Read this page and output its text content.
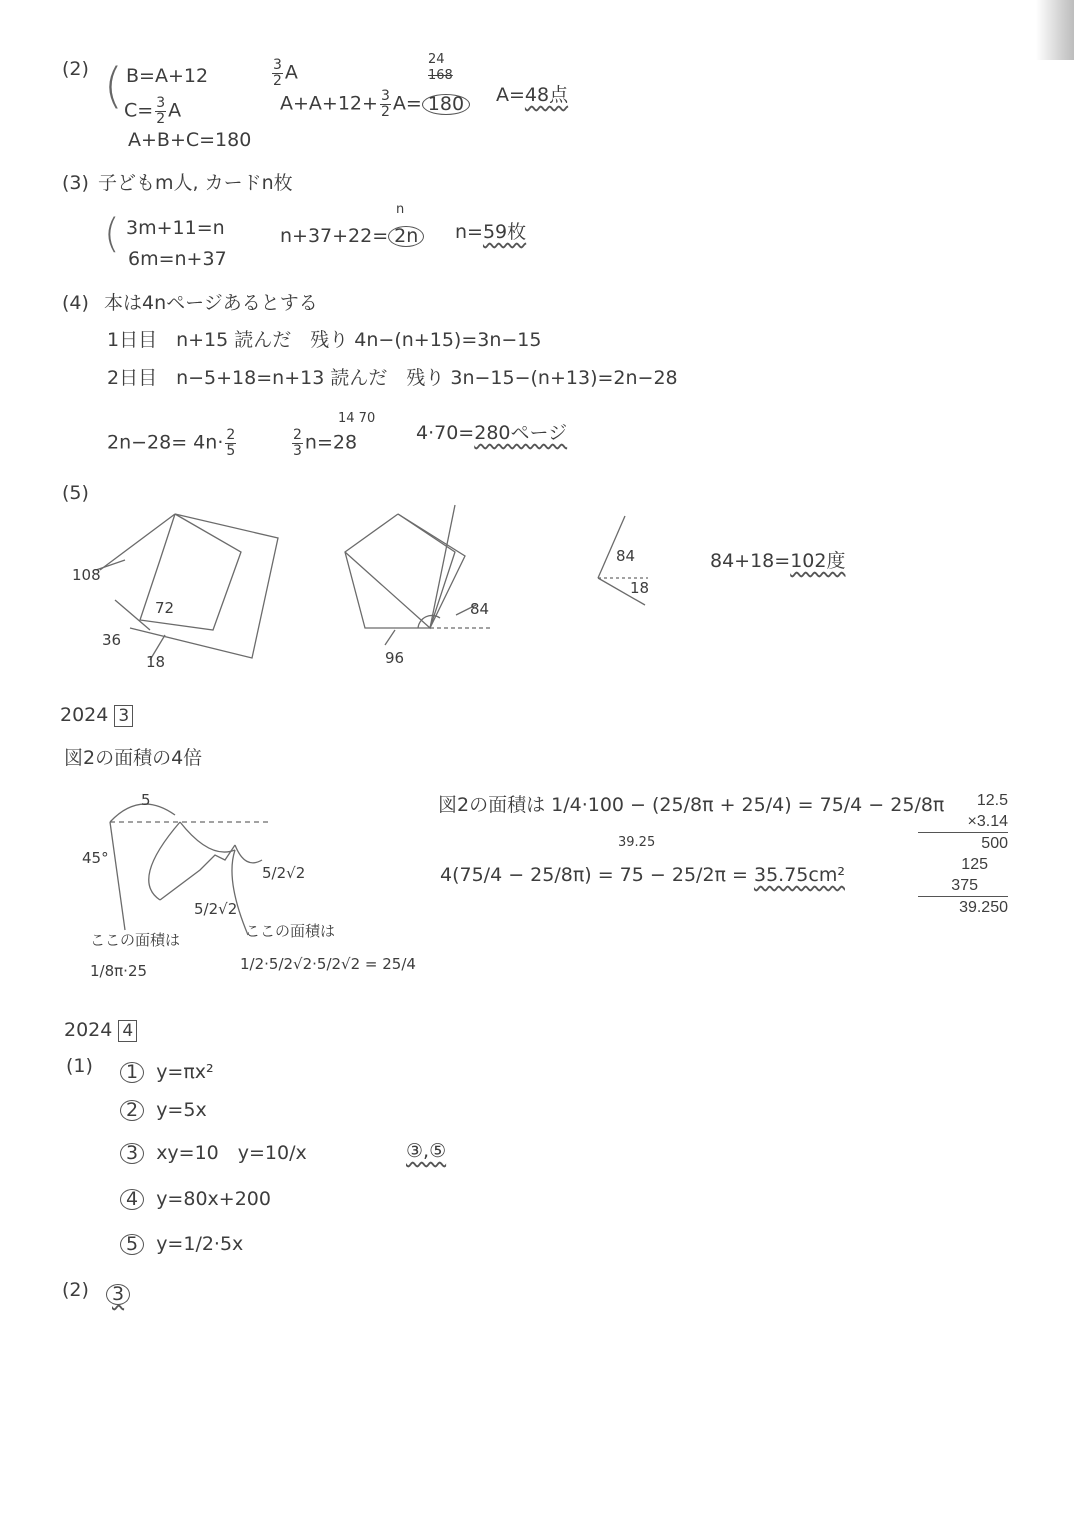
(2) ( B=A+12
$C= \frac{3}{2}$ A
A+B+C=180
$\frac{3}{2}$ A
24
168
$A+A+12+ \frac{3}{2} A= 180$	A=48点
(3) 子どもm人, カードn枚
( 3m+11=n
6m=n+37
n
n+37+22= 2n	n=59枚
(4) 本は4nページあるとする
1日目　n+15 読んだ　残り 4n−(n+15)=3n−15
2日目　n−5+18=n+13 読んだ　残り 3n−15−(n+13)=2n−28
$2n-28= 4n\cdot \frac{2}{5}$
14 70
$\frac{2}{3} n=28$	4·70=280ページ
(5)
108
72
36
18
84
96
84
18
84+18=102度
2024 3
図2の面積の4倍
5
45°
5/2√2
5/2√2
ここの面積は
1/8π·25
ここの面積は
1/2·5/2√2·5/2√2 = 25/4
図2の面積は 1/4·100 − (25/8π + 25/4) = 75/4 − 25/8π
39.25
4(75/4 − 25/8π) = 75 − 25/2π = 35.75cm²
12.5
×3.14
500
125
375
39.250
2024 4
(1)	1 y=πx²
2 y=5x
3 xy=10　y=10/x
4 y=80x+200
5 y=1/2·5x
③,⑤
(2)	3
